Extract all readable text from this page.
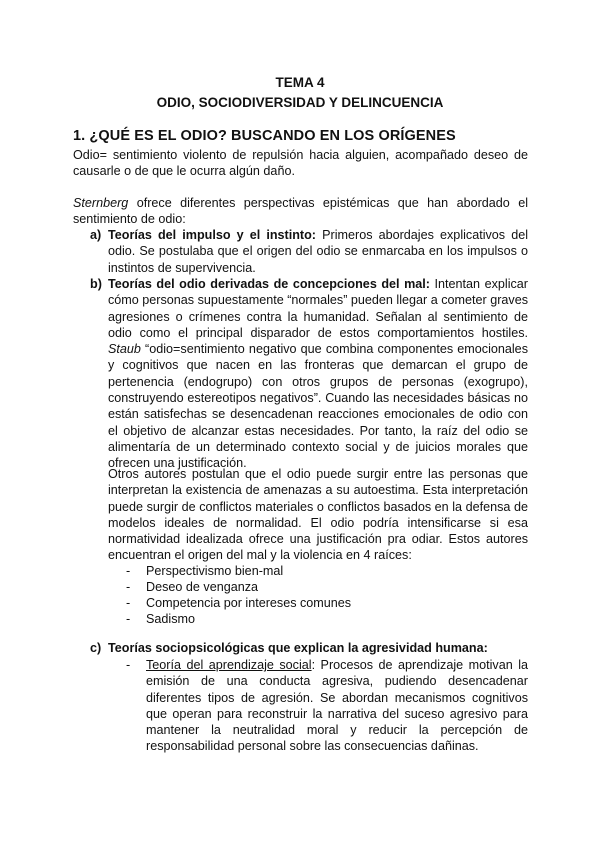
TEMA 4
ODIO, SOCIODIVERSIDAD Y DELINCUENCIA
1. ¿QUÉ ES EL ODIO? BUSCANDO EN LOS ORÍGENES

Odio= sentimiento violento de repulsión hacia alguien, acompañado deseo de causarle o de que le ocurra algún daño.

Sternberg ofrece diferentes perspectivas epistémicas que han abordado el sentimiento de odio:

a) Teorías del impulso y el instinto: Primeros abordajes explicativos del odio. Se postulaba que el origen del odio se enmarcaba en los impulsos o instintos de supervivencia.

b) Teorías del odio derivadas de concepciones del mal: Intentan explicar cómo personas supuestamente “normales” pueden llegar a cometer graves agresiones o crímenes contra la humanidad. Señalan al sentimiento de odio como el principal disparador de estos comportamientos hostiles. Staub “odio=sentimiento negativo que combina componentes emocionales y cognitivos que nacen en las fronteras que demarcan el grupo de pertenencia (endogrupo) con otros grupos de personas (exogrupo), construyendo estereotipos negativos”. Cuando las necesidades básicas no están satisfechas se desencadenan reacciones emocionales de odio con el objetivo de alcanzar estas necesidades. Por tanto, la raíz del odio se alimentaría de un determinado contexto social y de juicios morales que ofrecen una justificación.

Otros autores postulan que el odio puede surgir entre las personas que interpretan la existencia de amenazas a su autoestima. Esta interpretación puede surgir de conflictos materiales o conflictos basados en la defensa de modelos ideales de normalidad. El odio podría intensificarse si esa normatividad idealizada ofrece una justificación pra odiar. Estos autores encuentran el origen del mal y la violencia en 4 raíces:

- Perspectivismo bien-mal
- Deseo de venganza
- Competencia por intereses comunes
- Sadismo
c) Teorías sociopsicológicas que explican la agresividad humana:
- Teoría del aprendizaje social: Procesos de aprendizaje motivan la emisión de una conducta agresiva, pudiendo desencadenar diferentes tipos de agresión. Se abordan mecanismos cognitivos que operan para reconstruir la narrativa del suceso agresivo para mantener la neutralidad moral y reducir la percepción de responsabilidad personal sobre las consecuencias dañinas.
